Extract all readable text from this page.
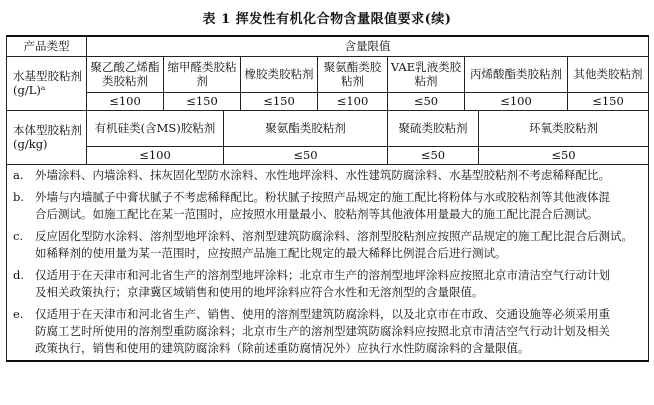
表 1 挥发性有机化合物含量限值要求(续)
产品类型	含量限值								
水基型胶粘剂 (g/L)ᵃ	聚乙酸乙烯酯类胶粘剂	缩甲醛类胶粘剂		橡胶类胶粘剂	聚氨酯类胶粘剂	VAE乳液类胶粘剂	丙烯酸酯类胶粘剂		其他类胶粘剂
	≤100	≤150		≤150	≤100	≤50	≤100		≤150
本体型胶粘剂 (g/kg)	有机硅类(含MS)胶粘剂		聚氨酯类胶粘剂			聚硫类胶粘剂		环氧类胶粘剂	
	≤100		≤50			≤50		≤50	
a. 外墙涂料、内墙涂料、抹灰固化型防水涂料、水性地坪涂料、水性建筑防腐涂料、水基型胶粘剂不考虑稀释配比。									
b. 外墙与内墙腻子中膏状腻子不考虑稀释配比。粉状腻子按照产品规定的施工配比将粉体与水或胶粘剂等其他液体混
合后测试。如施工配比在某一范围时，应按照水用量最小、胶粘剂等其他液体用量最大的施工配比混合后测试。									

c. 反应固化型防水涂料、溶剂型地坪涂料、溶剂型建筑防腐涂料、溶剂型胶粘剂应按照产品规定的施工配比混合后测试。
如稀释剂的使用量为某一范围时，应按照产品施工配比规定的最大稀释比例混合后进行测试。									

d. 仅适用于在天津市和河北省生产的溶剂型地坪涂料；北京市生产的溶剂型地坪涂料应按照北京市清洁空气行动计划
及相关政策执行；京津冀区域销售和使用的地坪涂料应符合水性和无溶剂型的含量限值。									

e. 仅适用于在天津市和河北省生产、销售、使用的溶剂型建筑防腐涂料，以及北京市在市政、交通设施等必须采用重
防腐工艺时所使用的溶剂型重防腐涂料；北京市生产的溶剂型建筑防腐涂料应按照北京市清洁空气行动计划及相关
政策执行，销售和使用的建筑防腐涂料（除前述重防腐情况外）应执行水性防腐涂料的含量限值。									
